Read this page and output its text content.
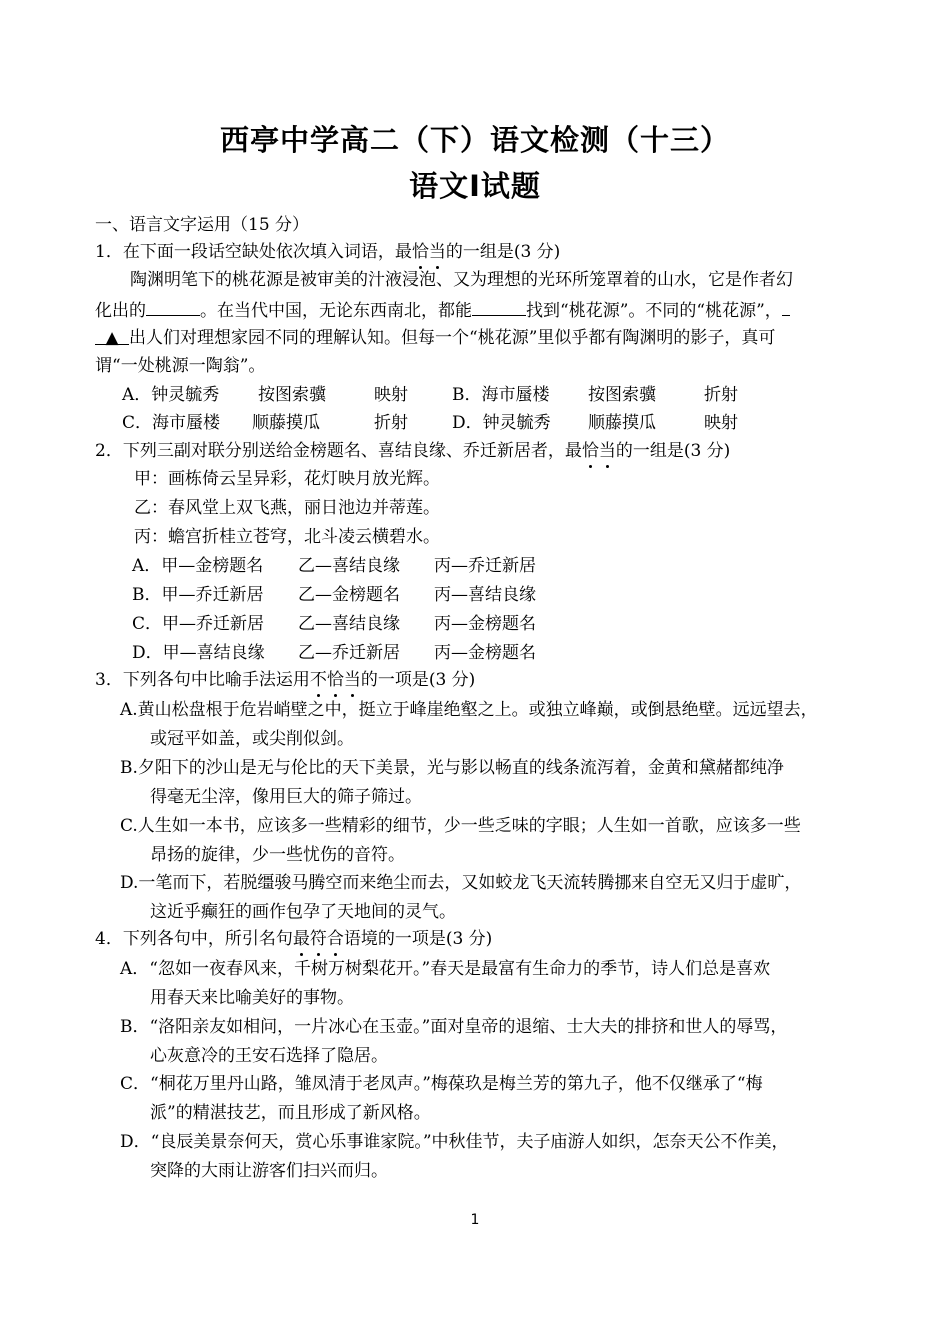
西亭中学高二（下）语文检测（十三）
语文Ⅰ试题
一、语言文字运用（15 分）
1．在下面一段话空缺处依次填入词语，最恰当的一组是(3 分)
陶渊明笔下的桃花源是被审美的汁液浸泡、又为理想的光环所笼罩着的山水，它是作者幻
化出的	。在当代中国，无论东西南北，都能	找到“桃花源”。不同的“桃花源”，
▲ 出人们对理想家园不同的理解认知。但每一个“桃花源”里似乎都有陶渊明的影子，真可
谓“一处桃源一陶翁”。
A．钟灵毓秀 按图索骥	映射	B．海市蜃楼 按图索骥	折射
C．海市蜃楼 顺藤摸瓜	折射	D．钟灵毓秀 顺藤摸瓜	映射
2．下列三副对联分别送给金榜题名、喜结良缘、乔迁新居者，最恰当的一组是(3 分)
甲：画栋倚云呈异彩，花灯映月放光辉。
乙：春风堂上双飞燕，丽日池边并蒂莲。
丙：蟾宫折桂立苍穹，北斗凌云横碧水。
A．甲—金榜题名 乙—喜结良缘 丙—乔迁新居
B．甲—乔迁新居 乙—金榜题名 丙—喜结良缘
C．甲—乔迁新居 乙—喜结良缘 丙—金榜题名
D．甲—喜结良缘 乙—乔迁新居 丙—金榜题名
3．下列各句中比喻手法运用不恰当的一项是(3 分)
A.黄山松盘根于危岩峭壁之中，挺立于峰崖绝壑之上。或独立峰巅，或倒悬绝壁。远远望去，
或冠平如盖，或尖削似剑。
B.夕阳下的沙山是无与伦比的天下美景，光与影以畅直的线条流泻着，金黄和黛赭都纯净
得毫无尘滓，像用巨大的筛子筛过。
C.人生如一本书，应该多一些精彩的细节，少一些乏味的字眼；人生如一首歌，应该多一些
昂扬的旋律，少一些忧伤的音符。
D.一笔而下，若脱缰骏马腾空而来绝尘而去，又如蛟龙飞天流转腾挪来自空无又归于虚旷，
这近乎癫狂的画作包孕了天地间的灵气。
4．下列各句中，所引名句最符合语境的一项是(3 分)
A．“忽如一夜春风来，千树万树梨花开。”春天是最富有生命力的季节，诗人们总是喜欢
用春天来比喻美好的事物。
B．“洛阳亲友如相问，一片冰心在玉壶。”面对皇帝的退缩、士大夫的排挤和世人的辱骂，
心灰意冷的王安石选择了隐居。
C．“桐花万里丹山路，雏凤清于老凤声。”梅葆玖是梅兰芳的第九子，他不仅继承了“梅
派”的精湛技艺，而且形成了新风格。
D．“良辰美景奈何天，赏心乐事谁家院。”中秋佳节，夫子庙游人如织，怎奈天公不作美，
突降的大雨让游客们扫兴而归。
1
